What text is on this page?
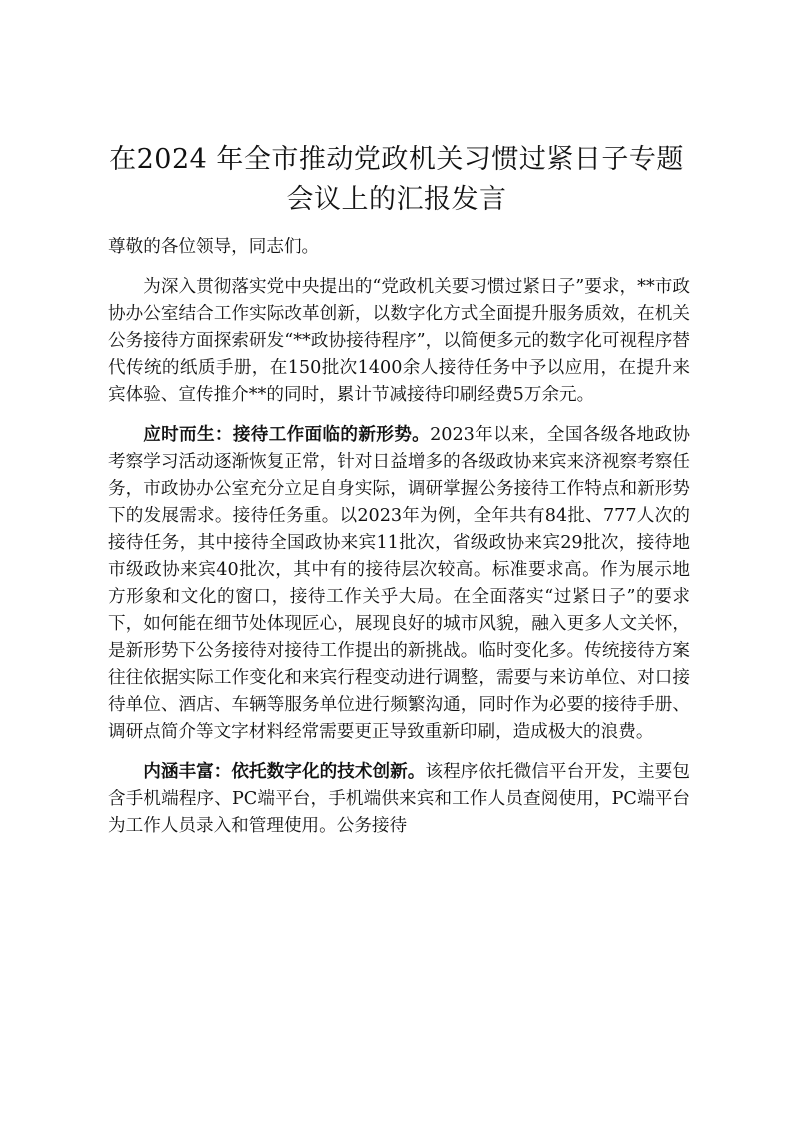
在2024 年全市推动党政机关习惯过紧日子专题会议上的汇报发言

尊敬的各位领导，同志们。

为深入贯彻落实党中央提出的“党政机关要习惯过紧日子”要求，**市政协办公室结合工作实际改革创新，以数字化方式全面提升服务质效，在机关公务接待方面探索研发“**政协接待程序”，以简便多元的数字化可视程序替代传统的纸质手册，在150批次1400余人接待任务中予以应用，在提升来宾体验、宣传推介**的同时，累计节减接待印刷经费5万余元。

应时而生：接待工作面临的新形势。2023年以来，全国各级各地政协考察学习活动逐渐恢复正常，针对日益增多的各级政协来宾来济视察考察任务，市政协办公室充分立足自身实际，调研掌握公务接待工作特点和新形势下的发展需求。接待任务重。以2023年为例，全年共有84批、777人次的接待任务，其中接待全国政协来宾11批次，省级政协来宾29批次，接待地市级政协来宾40批次，其中有的接待层次较高。标准要求高。作为展示地方形象和文化的窗口，接待工作关乎大局。在全面落实“过紧日子”的要求下，如何能在细节处体现匠心，展现良好的城市风貌，融入更多人文关怀，是新形势下公务接待对接待工作提出的新挑战。临时变化多。传统接待方案往往依据实际工作变化和来宾行程变动进行调整，需要与来访单位、对口接待单位、酒店、车辆等服务单位进行频繁沟通，同时作为必要的接待手册、调研点简介等文字材料经常需要更正导致重新印刷，造成极大的浪费。

内涵丰富：依托数字化的技术创新。该程序依托微信平台开发，主要包含手机端程序、PC端平台，手机端供来宾和工作人员查阅使用，PC端平台为工作人员录入和管理使用。公务接待
